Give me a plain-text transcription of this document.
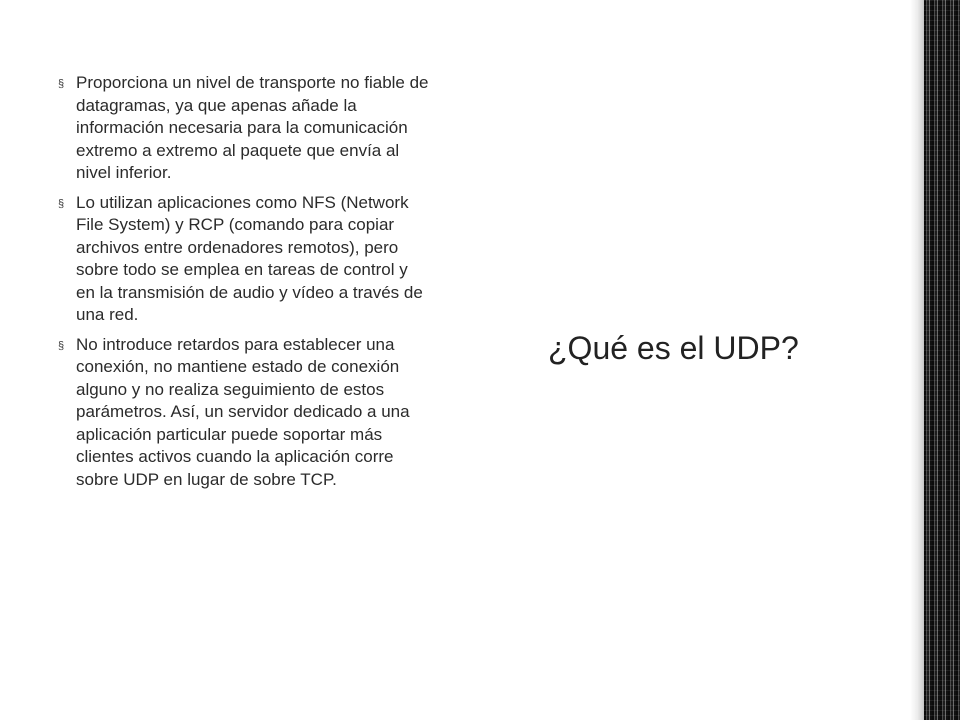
§ Proporciona un nivel de transporte no fiable de datagramas, ya que apenas añade la información necesaria para la comunicación extremo a extremo al paquete que envía al nivel inferior.
§ Lo utilizan aplicaciones como NFS (Network File System) y RCP (comando para copiar archivos entre ordenadores remotos), pero sobre todo se emplea en tareas de control y en la transmisión de audio y vídeo a través de una red.
§ No introduce retardos para establecer una conexión, no mantiene estado de conexión alguno y no realiza seguimiento de estos parámetros. Así, un servidor dedicado a una aplicación particular puede soportar más clientes activos cuando la aplicación corre sobre UDP en lugar de sobre TCP.
¿Qué es el UDP?
